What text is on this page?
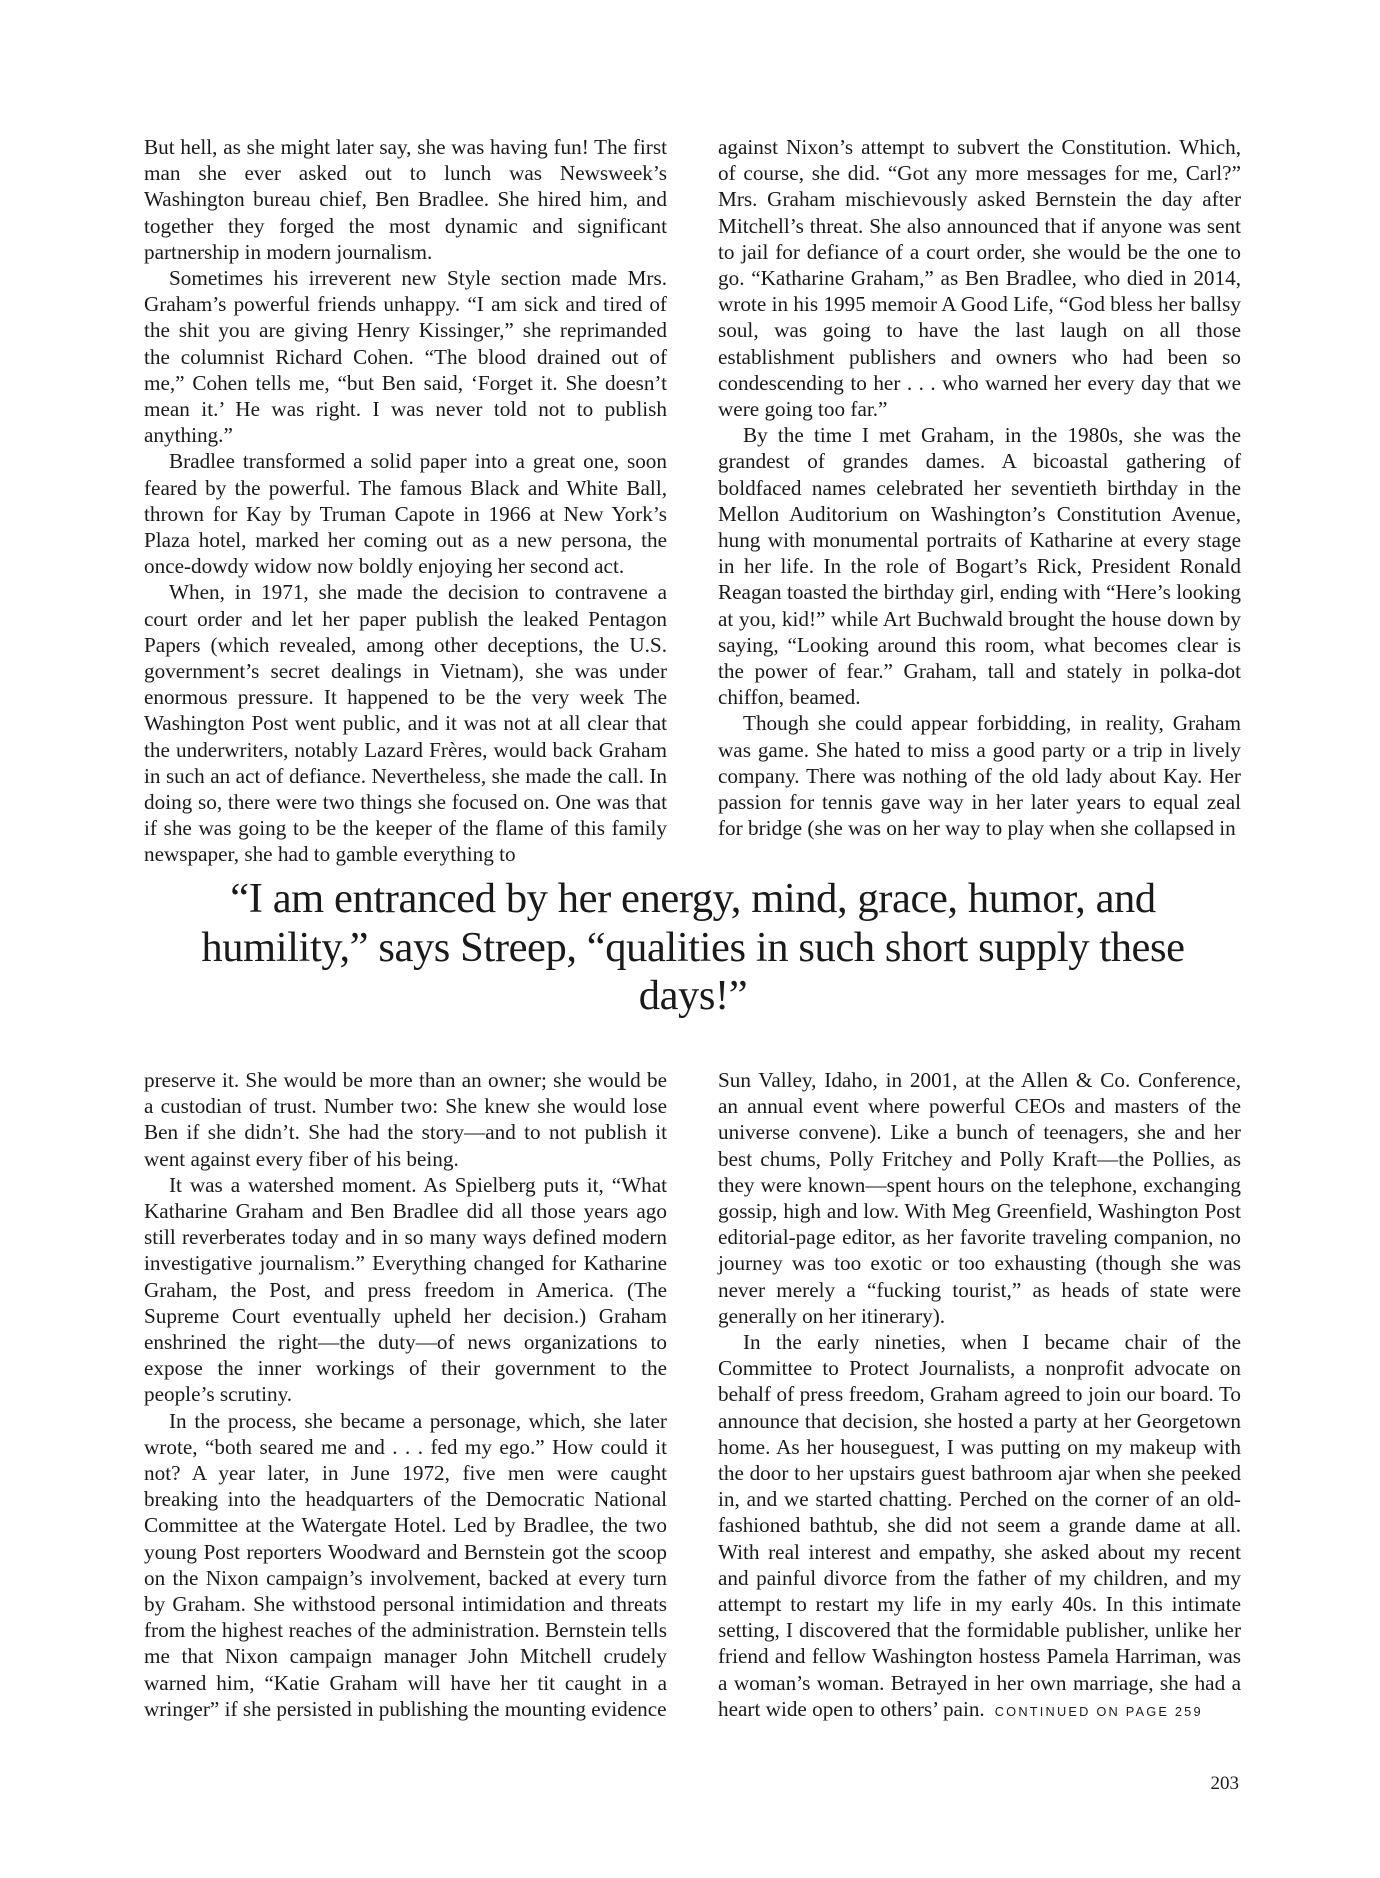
But hell, as she might later say, she was having fun! The first man she ever asked out to lunch was Newsweek’s Washington bureau chief, Ben Bradlee. She hired him, and together they forged the most dynamic and significant partnership in modern journalism.

Sometimes his irreverent new Style section made Mrs. Graham’s powerful friends unhappy. “I am sick and tired of the shit you are giving Henry Kissinger,” she reprimanded the columnist Richard Cohen. “The blood drained out of me,” Cohen tells me, “but Ben said, ‘Forget it. She doesn’t mean it.’ He was right. I was never told not to publish anything.”

Bradlee transformed a solid paper into a great one, soon feared by the powerful. The famous Black and White Ball, thrown for Kay by Truman Capote in 1966 at New York’s Plaza hotel, marked her coming out as a new persona, the once-dowdy widow now boldly enjoying her second act.

When, in 1971, she made the decision to contravene a court order and let her paper publish the leaked Pentagon Papers (which revealed, among other deceptions, the U.S. government’s secret dealings in Vietnam), she was under enormous pressure. It happened to be the very week The Washington Post went public, and it was not at all clear that the underwriters, notably Lazard Frères, would back Graham in such an act of defiance. Nevertheless, she made the call. In doing so, there were two things she focused on. One was that if she was going to be the keeper of the flame of this family newspaper, she had to gamble everything to

against Nixon’s attempt to subvert the Constitution. Which, of course, she did. “Got any more messages for me, Carl?” Mrs. Graham mischievously asked Bernstein the day after Mitchell’s threat. She also announced that if anyone was sent to jail for defiance of a court order, she would be the one to go. “Katharine Graham,” as Ben Bradlee, who died in 2014, wrote in his 1995 memoir A Good Life, “God bless her ballsy soul, was going to have the last laugh on all those establishment publishers and owners who had been so condescending to her . . . who warned her every day that we were going too far.”

By the time I met Graham, in the 1980s, she was the grandest of grandes dames. A bicoastal gathering of boldfaced names celebrated her seventieth birthday in the Mellon Auditorium on Washington’s Constitution Avenue, hung with monumental portraits of Katharine at every stage in her life. In the role of Bogart’s Rick, President Ronald Reagan toasted the birthday girl, ending with “Here’s looking at you, kid!” while Art Buchwald brought the house down by saying, “Looking around this room, what becomes clear is the power of fear.” Graham, tall and stately in polka-dot chiffon, beamed.

Though she could appear forbidding, in reality, Graham was game. She hated to miss a good party or a trip in lively company. There was nothing of the old lady about Kay. Her passion for tennis gave way in her later years to equal zeal for bridge (she was on her way to play when she collapsed in

“I am entranced by her energy, mind, grace, humor, and humility,” says Streep, “qualities in such short supply these days!”

preserve it. She would be more than an owner; she would be a custodian of trust. Number two: She knew she would lose Ben if she didn’t. She had the story—and to not publish it went against every fiber of his being.

It was a watershed moment. As Spielberg puts it, “What Katharine Graham and Ben Bradlee did all those years ago still reverberates today and in so many ways defined modern investigative journalism.” Everything changed for Katharine Graham, the Post, and press freedom in America. (The Supreme Court eventually upheld her decision.) Graham enshrined the right—the duty—of news organizations to expose the inner workings of their government to the people’s scrutiny.

In the process, she became a personage, which, she later wrote, “both seared me and . . . fed my ego.” How could it not? A year later, in June 1972, five men were caught breaking into the headquarters of the Democratic National Committee at the Watergate Hotel. Led by Bradlee, the two young Post reporters Woodward and Bernstein got the scoop on the Nixon campaign’s involvement, backed at every turn by Graham. She withstood personal intimidation and threats from the highest reaches of the administration. Bernstein tells me that Nixon campaign manager John Mitchell crudely warned him, “Katie Graham will have her tit caught in a wringer” if she persisted in publishing the mounting evidence

Sun Valley, Idaho, in 2001, at the Allen & Co. Conference, an annual event where powerful CEOs and masters of the universe convene). Like a bunch of teenagers, she and her best chums, Polly Fritchey and Polly Kraft—the Pollies, as they were known—spent hours on the telephone, exchanging gossip, high and low. With Meg Greenfield, Washington Post editorial-page editor, as her favorite traveling companion, no journey was too exotic or too exhausting (though she was never merely a “fucking tourist,” as heads of state were generally on her itinerary).

In the early nineties, when I became chair of the Committee to Protect Journalists, a nonprofit advocate on behalf of press freedom, Graham agreed to join our board. To announce that decision, she hosted a party at her Georgetown home. As her houseguest, I was putting on my makeup with the door to her upstairs guest bathroom ajar when she peeked in, and we started chatting. Perched on the corner of an old-fashioned bathtub, she did not seem a grande dame at all. With real interest and empathy, she asked about my recent and painful divorce from the father of my children, and my attempt to restart my life in my early 40s. In this intimate setting, I discovered that the formidable publisher, unlike her friend and fellow Washington hostess Pamela Harriman, was a woman’s woman. Betrayed in her own marriage, she had a heart wide open to others’ pain. CONTINUED ON PAGE 259

203
